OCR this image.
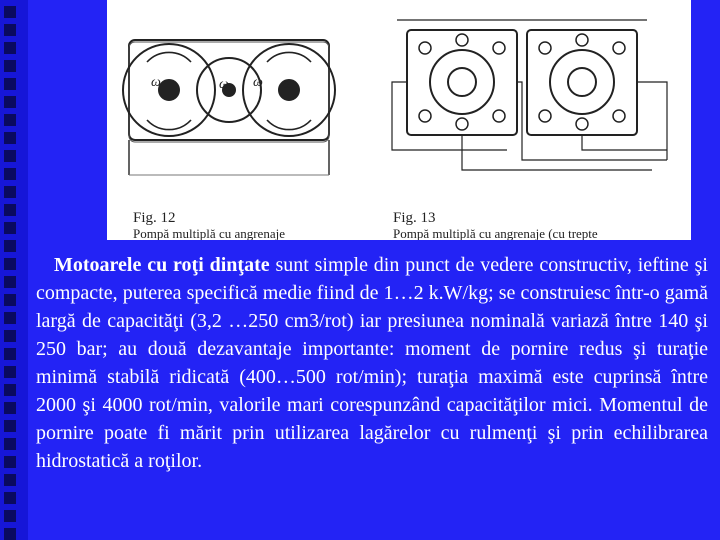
ω	ω	ω
ω

Fig. 12
Pompă multiplă cu angrenaje

Fig. 13
Pompă multiplă cu angrenaje (cu trepte

Motoarele cu roţi dinţate sunt simple din punct de vedere constructiv, ieftine şi compacte, puterea specifică medie fiind de 1…2 k.W/kg; se construiesc într-o gamă largă de capacităţi (3,2 …250 cm3/rot) iar presiunea nominală variază între 140 şi 250 bar; au două dezavantaje importante: moment de pornire redus şi turaţie minimă stabilă ridicată (400…500 rot/min); turaţia maximă este cuprinsă între 2000 şi 4000 rot/min, valorile mari corespunzând capacităţilor mici. Momentul de pornire poate fi mărit prin utilizarea lagărelor cu rulmenţi şi prin echilibrarea hidrostatică a roţilor.
